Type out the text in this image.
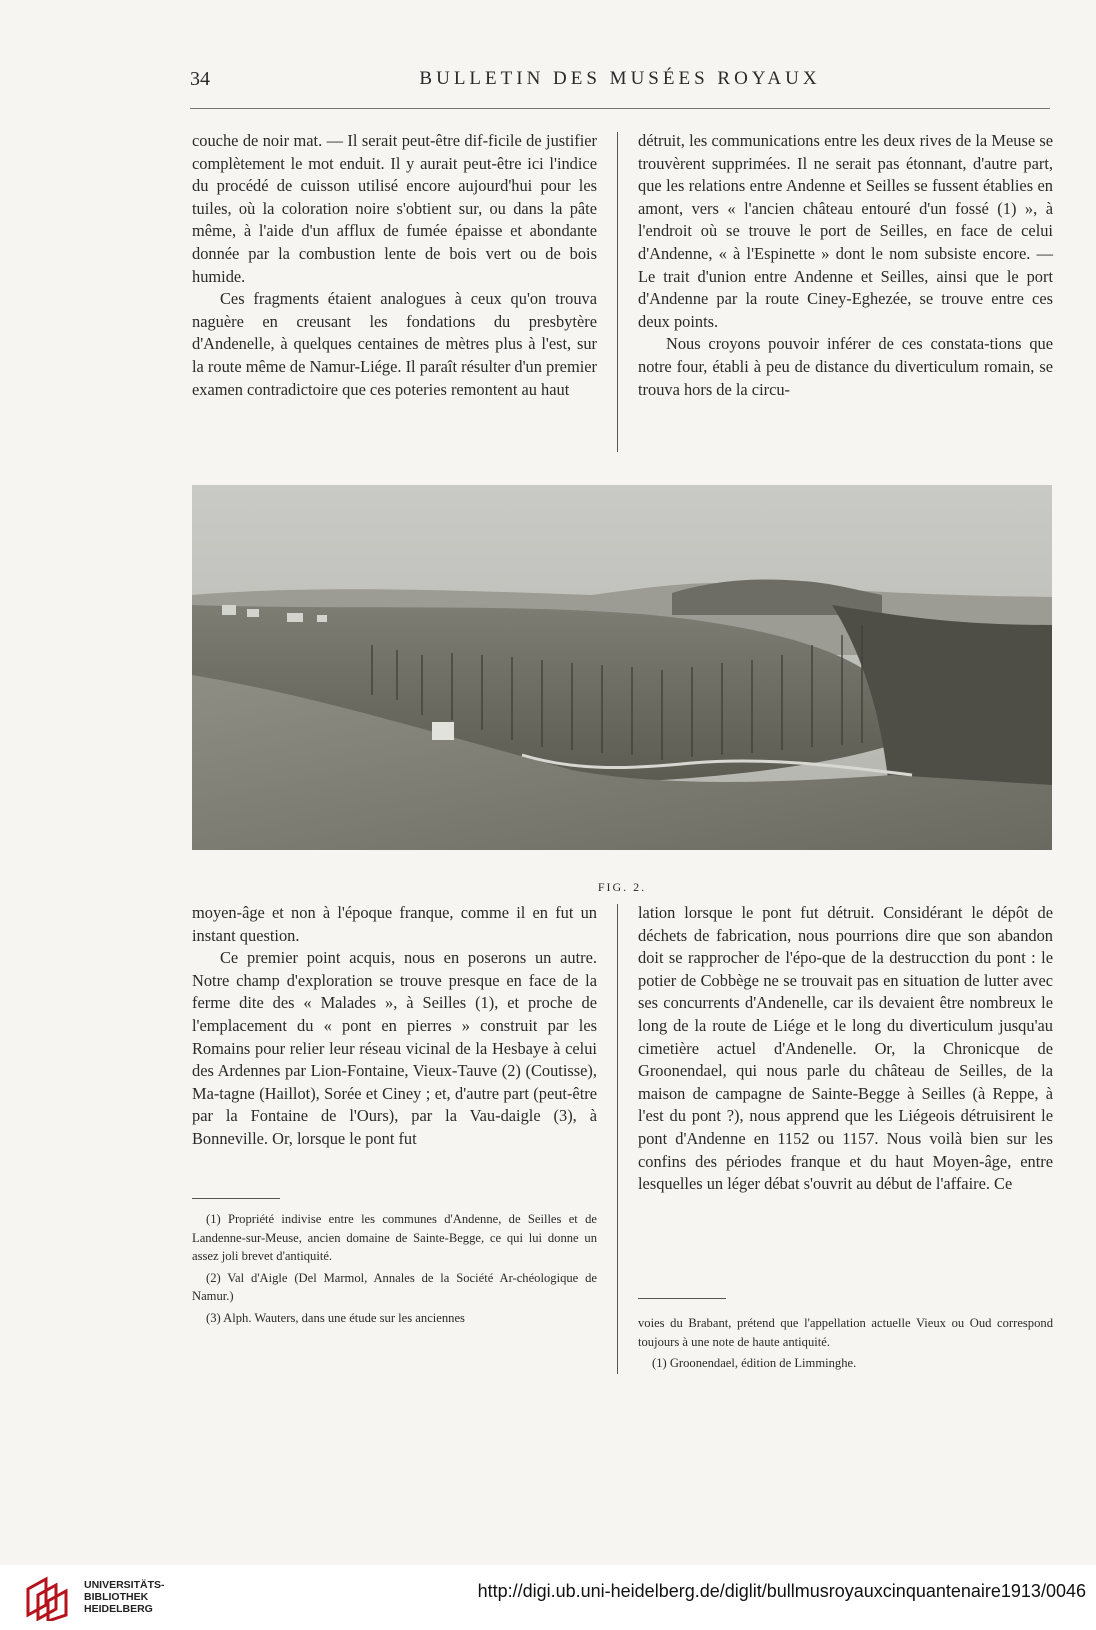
34	BULLETIN DES MUSÉES ROYAUX

couche de noir mat. — Il serait peut-être dif-ficile de justifier complètement le mot enduit. Il y aurait peut-être ici l'indice du procédé de cuisson utilisé encore aujourd'hui pour les tuiles, où la coloration noire s'obtient sur, ou dans la pâte même, à l'aide d'un afflux de fumée épaisse et abondante donnée par la combustion lente de bois vert ou de bois humide.

Ces fragments étaient analogues à ceux qu'on trouva naguère en creusant les fondations du presbytère d'Andenelle, à quelques centaines de mètres plus à l'est, sur la route même de Namur-Liége. Il paraît résulter d'un premier examen contradictoire que ces poteries remontent au haut

détruit, les communications entre les deux rives de la Meuse se trouvèrent supprimées. Il ne serait pas étonnant, d'autre part, que les relations entre Andenne et Seilles se fussent établies en amont, vers « l'ancien château entouré d'un fossé (1) », à l'endroit où se trouve le port de Seilles, en face de celui d'Andenne, « à l'Espinette » dont le nom subsiste encore. — Le trait d'union entre Andenne et Seilles, ainsi que le port d'Andenne par la route Ciney-Eghezée, se trouve entre ces deux points.

Nous croyons pouvoir inférer de ces constata-tions que notre four, établi à peu de distance du diverticulum romain, se trouva hors de la circu-

FIG. 2.

moyen-âge et non à l'époque franque, comme il en fut un instant question.

Ce premier point acquis, nous en poserons un autre. Notre champ d'exploration se trouve presque en face de la ferme dite des « Malades », à Seilles (1), et proche de l'emplacement du « pont en pierres » construit par les Romains pour relier leur réseau vicinal de la Hesbaye à celui des Ardennes par Lion-Fontaine, Vieux-Tauve (2) (Coutisse), Ma-tagne (Haillot), Sorée et Ciney ; et, d'autre part (peut-être par la Fontaine de l'Ours), par la Vau-daigle (3), à Bonneville. Or, lorsque le pont fut

lation lorsque le pont fut détruit. Considérant le dépôt de déchets de fabrication, nous pourrions dire que son abandon doit se rapprocher de l'épo-que de la destrucction du pont : le potier de Cobbège ne se trouvait pas en situation de lutter avec ses concurrents d'Andenelle, car ils devaient être nombreux le long de la route de Liége et le long du diverticulum jusqu'au cimetière actuel d'Andenelle. Or, la Chronicque de Groonendael, qui nous parle du château de Seilles, de la maison de campagne de Sainte-Begge à Seilles (à Reppe, à l'est du pont ?), nous apprend que les Liégeois détruisirent le pont d'Andenne en 1152 ou 1157. Nous voilà bien sur les confins des périodes franque et du haut Moyen-âge, entre lesquelles un léger débat s'ouvrit au début de l'affaire. Ce

(1) Propriété indivise entre les communes d'Andenne, de Seilles et de Landenne-sur-Meuse, ancien domaine de Sainte-Begge, ce qui lui donne un assez joli brevet d'antiquité.

(2) Val d'Aigle (Del Marmol, Annales de la Société Ar-chéologique de Namur.)

(3) Alph. Wauters, dans une étude sur les anciennes	voies du Brabant, prétend que l'appellation actuelle Vieux ou Oud correspond toujours à une note de haute antiquité.

(1) Groonendael, édition de Limminghe.

UNIVERSITÄTS-
BIBLIOTHEK
HEIDELBERG
http://digi.ub.uni-heidelberg.de/diglit/bullmusroyauxcinquantenaire1913/0046
